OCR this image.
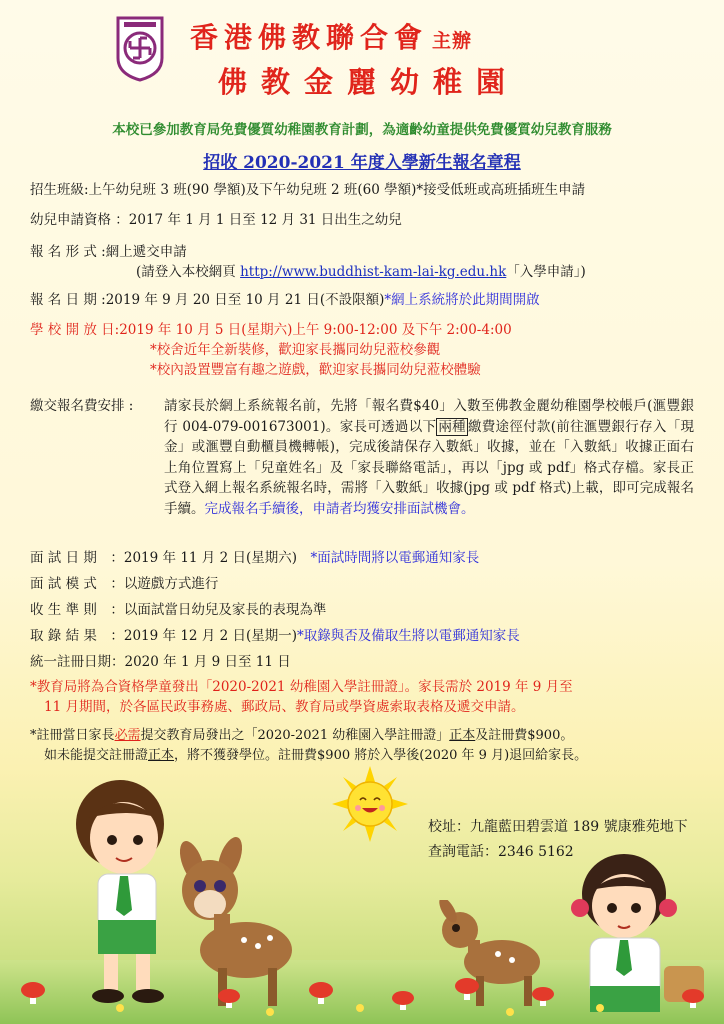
香港佛教聯合會 主辦
佛教金麗幼稚園
本校已參加教育局免費優質幼稚園教育計劃，為適齡幼童提供免費優質幼兒教育服務
招收 2020-2021 年度入學新生報名章程
招生班級:上午幼兒班 3 班(90 學額)及下午幼兒班 2 班(60 學額)*接受低班或高班插班生申請
幼兒申請資格 ：2017 年 1 月 1 日至 12 月 31 日出生之幼兒
報 名 形 式 :網上遞交申請
(請登入本校網頁 http://www.buddhist-kam-lai-kg.edu.hk「入學申請」)
報 名 日 期 :2019 年 9 月 20 日至 10 月 21 日(不設限額)*網上系統將於此期間開啟
學 校 開 放 日:2019 年 10 月 5 日(星期六)上午 9:00-12:00 及下午 2:00-4:00
*校舍近年全新裝修，歡迎家長攜同幼兒蒞校參觀
*校內設置豐富有趣之遊戲，歡迎家長攜同幼兒蒞校體驗
繳交報名費安排 : 請家長於網上系統報名前，先將「報名費$40」入數至佛教金麗幼稚園學校帳戶(滙豐銀行 004-079-001673001)。家長可透過以下 兩種 繳費途徑付款(前往滙豐銀行存入「現金」或滙豐自動櫃員機轉帳)，完成後請保存入數紙」收據，並在「入數紙」收據正面右上角位置寫上「兒童姓名」及「家長聯絡電話」，再以「jpg 或 pdf」格式存檔。家長正式登入網上報名系統報名時，需將「入數紙」收據(jpg 或 pdf 格式)上載，即可完成報名手續。完成報名手續後，申請者均獲安排面試機會。
面 試 日 期　：2019 年 11 月 2 日(星期六)　 *面試時間將以電郵通知家長
面 試 模 式　：以遊戲方式進行
收 生 準 則　：以面試當日幼兒及家長的表現為準
取 錄 結 果　：2019 年 12 月 2 日(星期一)*取錄與否及備取生將以電郵通知家長
統一註冊日期：2020 年 1 月 9 日至 11 日
*教育局將為合資格學童發出「2020-2021 幼稚園入學註冊證」。家長需於 2019 年 9 月至
11 月期間，於各區民政事務處、郵政局、教育局或學資處索取表格及遞交申請。
*註冊當日家長必需提交教育局發出之「2020-2021 幼稚園入學註冊證」正本及註冊費$900。
如未能提交註冊證正本，將不獲發學位。註冊費$900 將於入學後(2020 年 9 月)退回給家長。
校址：九龍藍田碧雲道 189 號康雅苑地下
查詢電話：2346 5162
